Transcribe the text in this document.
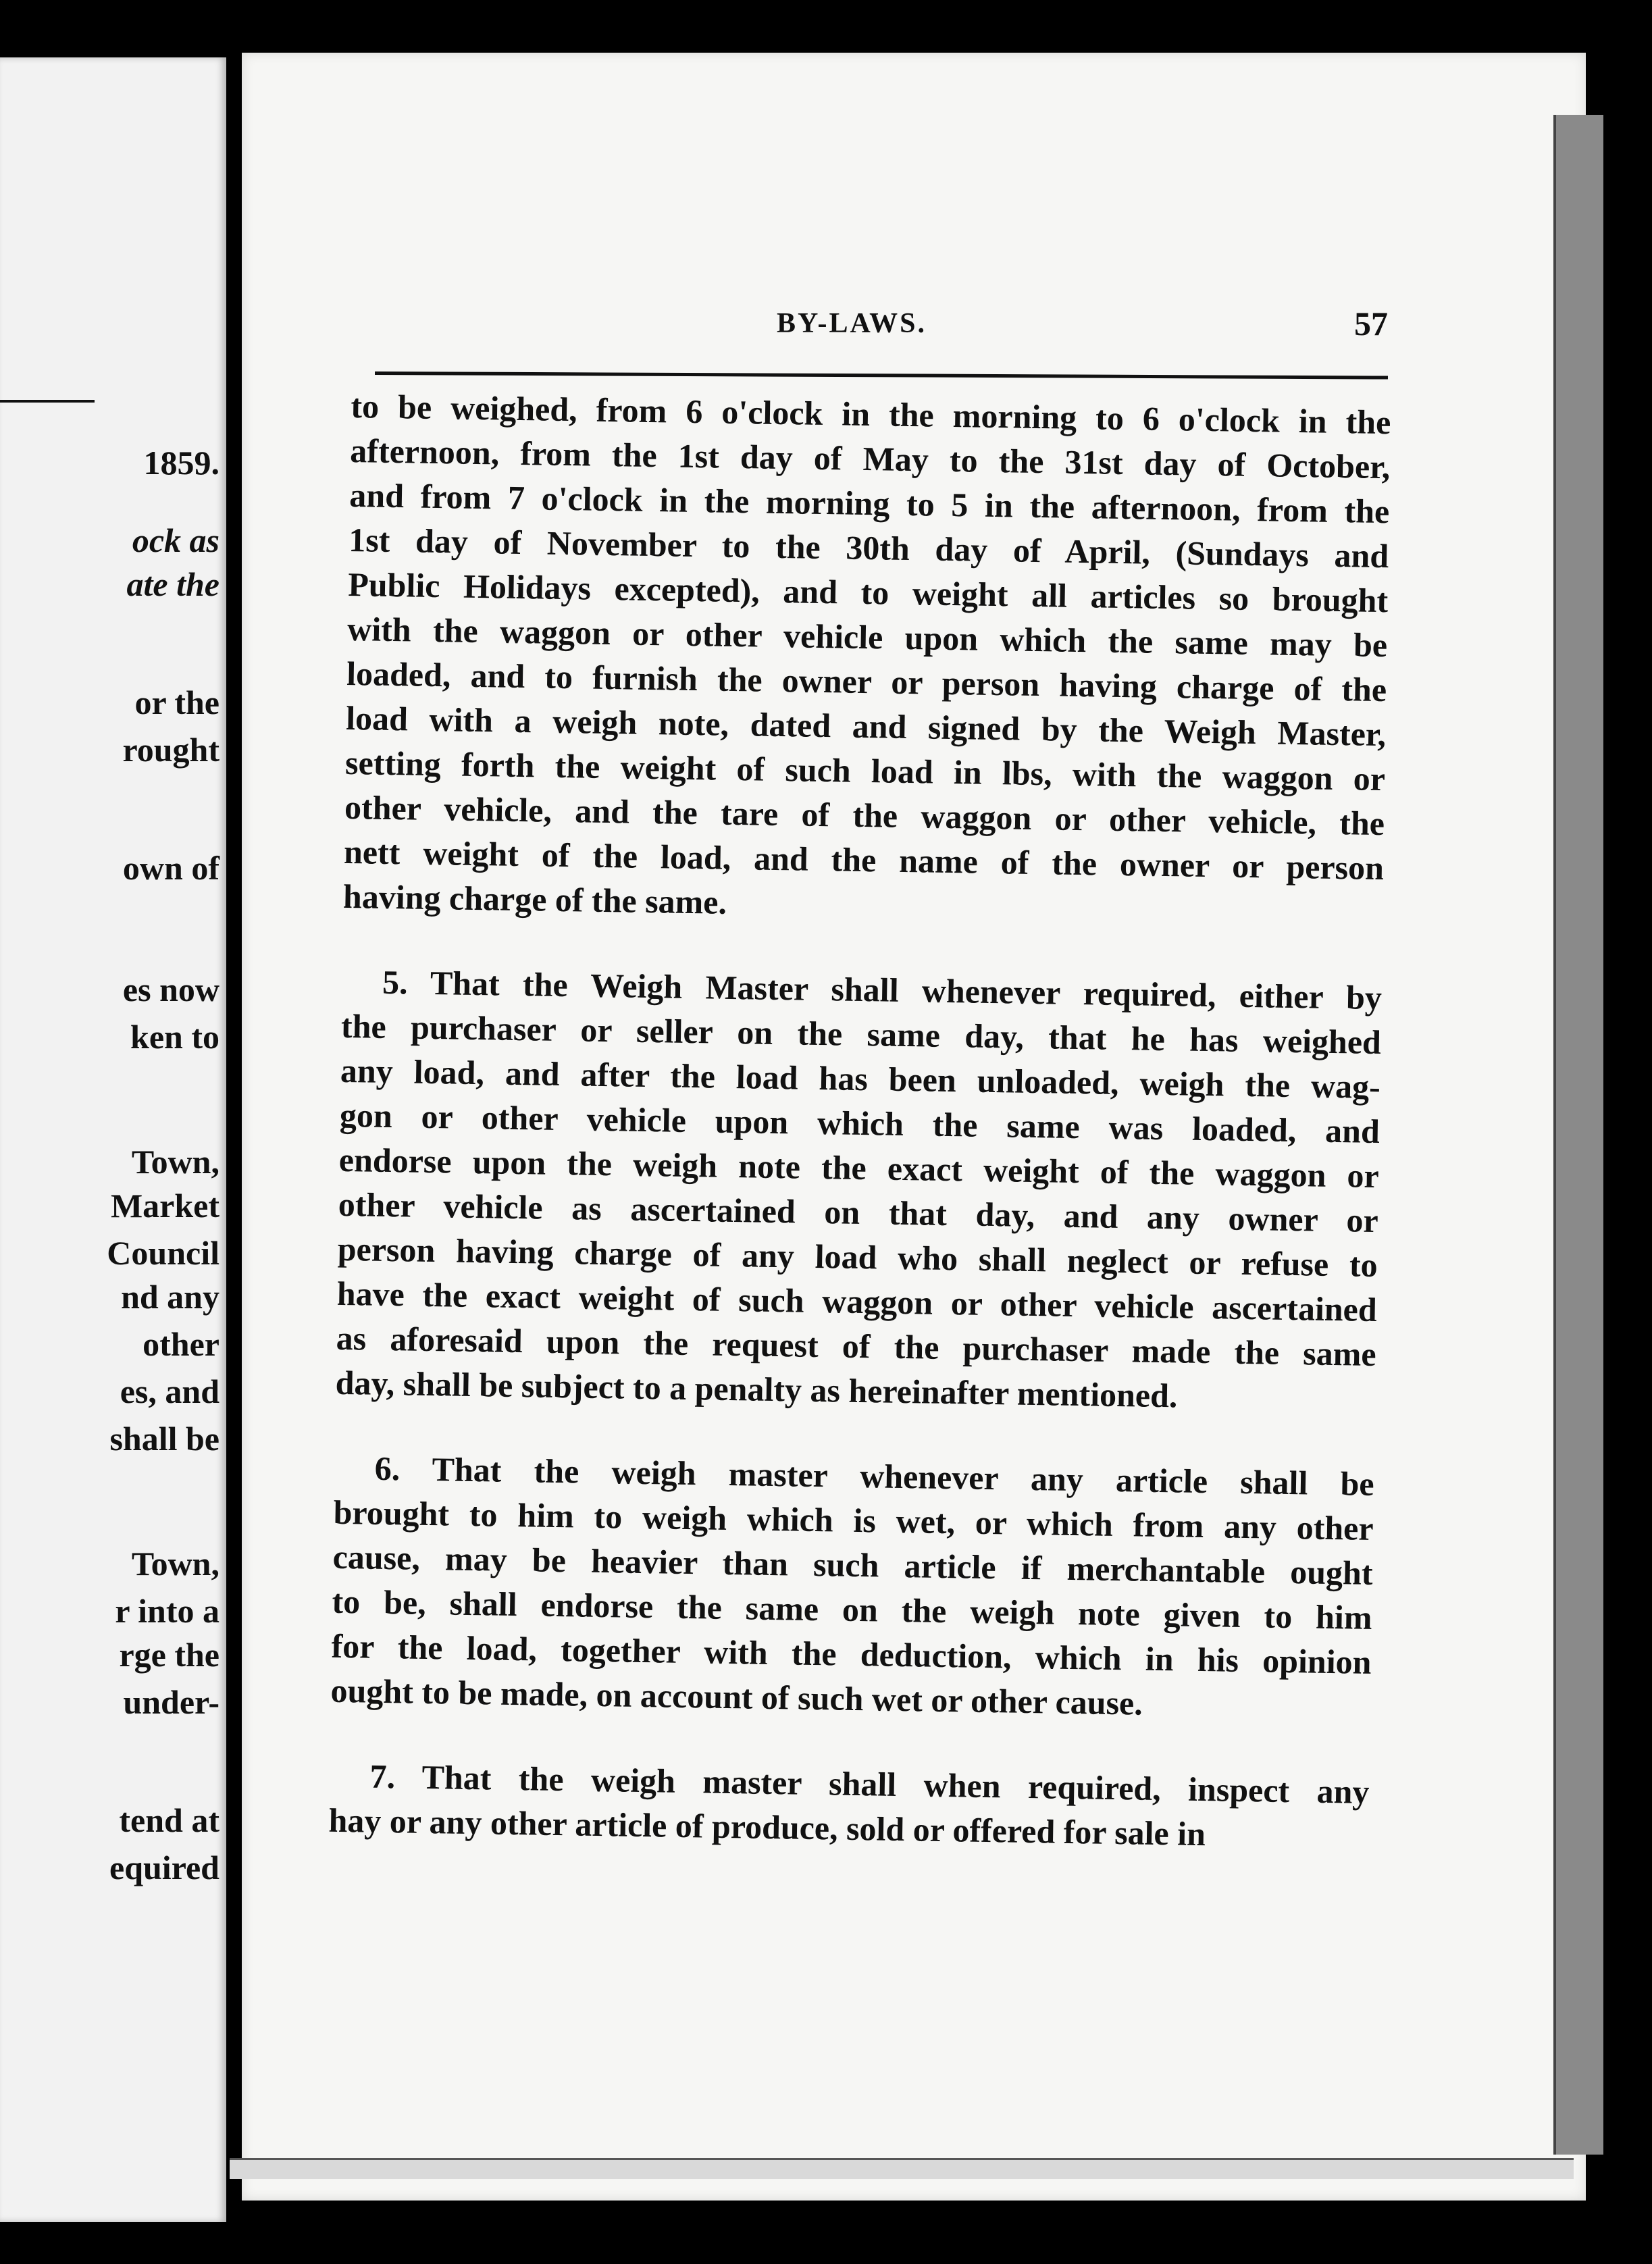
1859.
ock as
ate the
or the
rought
own of
es now
ken to
Town,
Market
Council
nd any
other
es, and
shall be
Town,
r into a
rge the
under-
tend at
equired
BY-LAWS.	57
to be weighed, from 6 o'clock in the morning to 6 o'clock in the
afternoon, from the 1st day of May to the 31st day of October,
and from 7 o'clock in the morning to 5 in the afternoon, from the
1st day of November to the 30th day of April, (Sundays and
Public Holidays excepted), and to weight all articles so brought
with the waggon or other vehicle upon which the same may be
loaded, and to furnish the owner or person having charge of the
load with a weigh note, dated and signed by the Weigh Master,
setting forth the weight of such load in lbs, with the waggon or
other vehicle, and the tare of the waggon or other vehicle, the
nett weight of the load, and the name of the owner or person
having charge of the same.
5. That the Weigh Master shall whenever required, either by
the purchaser or seller on the same day, that he has weighed
any load, and after the load has been unloaded, weigh the wag-
gon or other vehicle upon which the same was loaded, and
endorse upon the weigh note the exact weight of the waggon or
other vehicle as ascertained on that day, and any owner or
person having charge of any load who shall neglect or refuse to
have the exact weight of such waggon or other vehicle ascertained
as aforesaid upon the request of the purchaser made the same
day, shall be subject to a penalty as hereinafter mentioned.
6. That the weigh master whenever any article shall be
brought to him to weigh which is wet, or which from any other
cause, may be heavier than such article if merchantable ought
to be, shall endorse the same on the weigh note given to him
for the load, together with the deduction, which in his opinion
ought to be made, on account of such wet or other cause.
7. That the weigh master shall when required, inspect any
hay or any other article of produce, sold or offered for sale in
